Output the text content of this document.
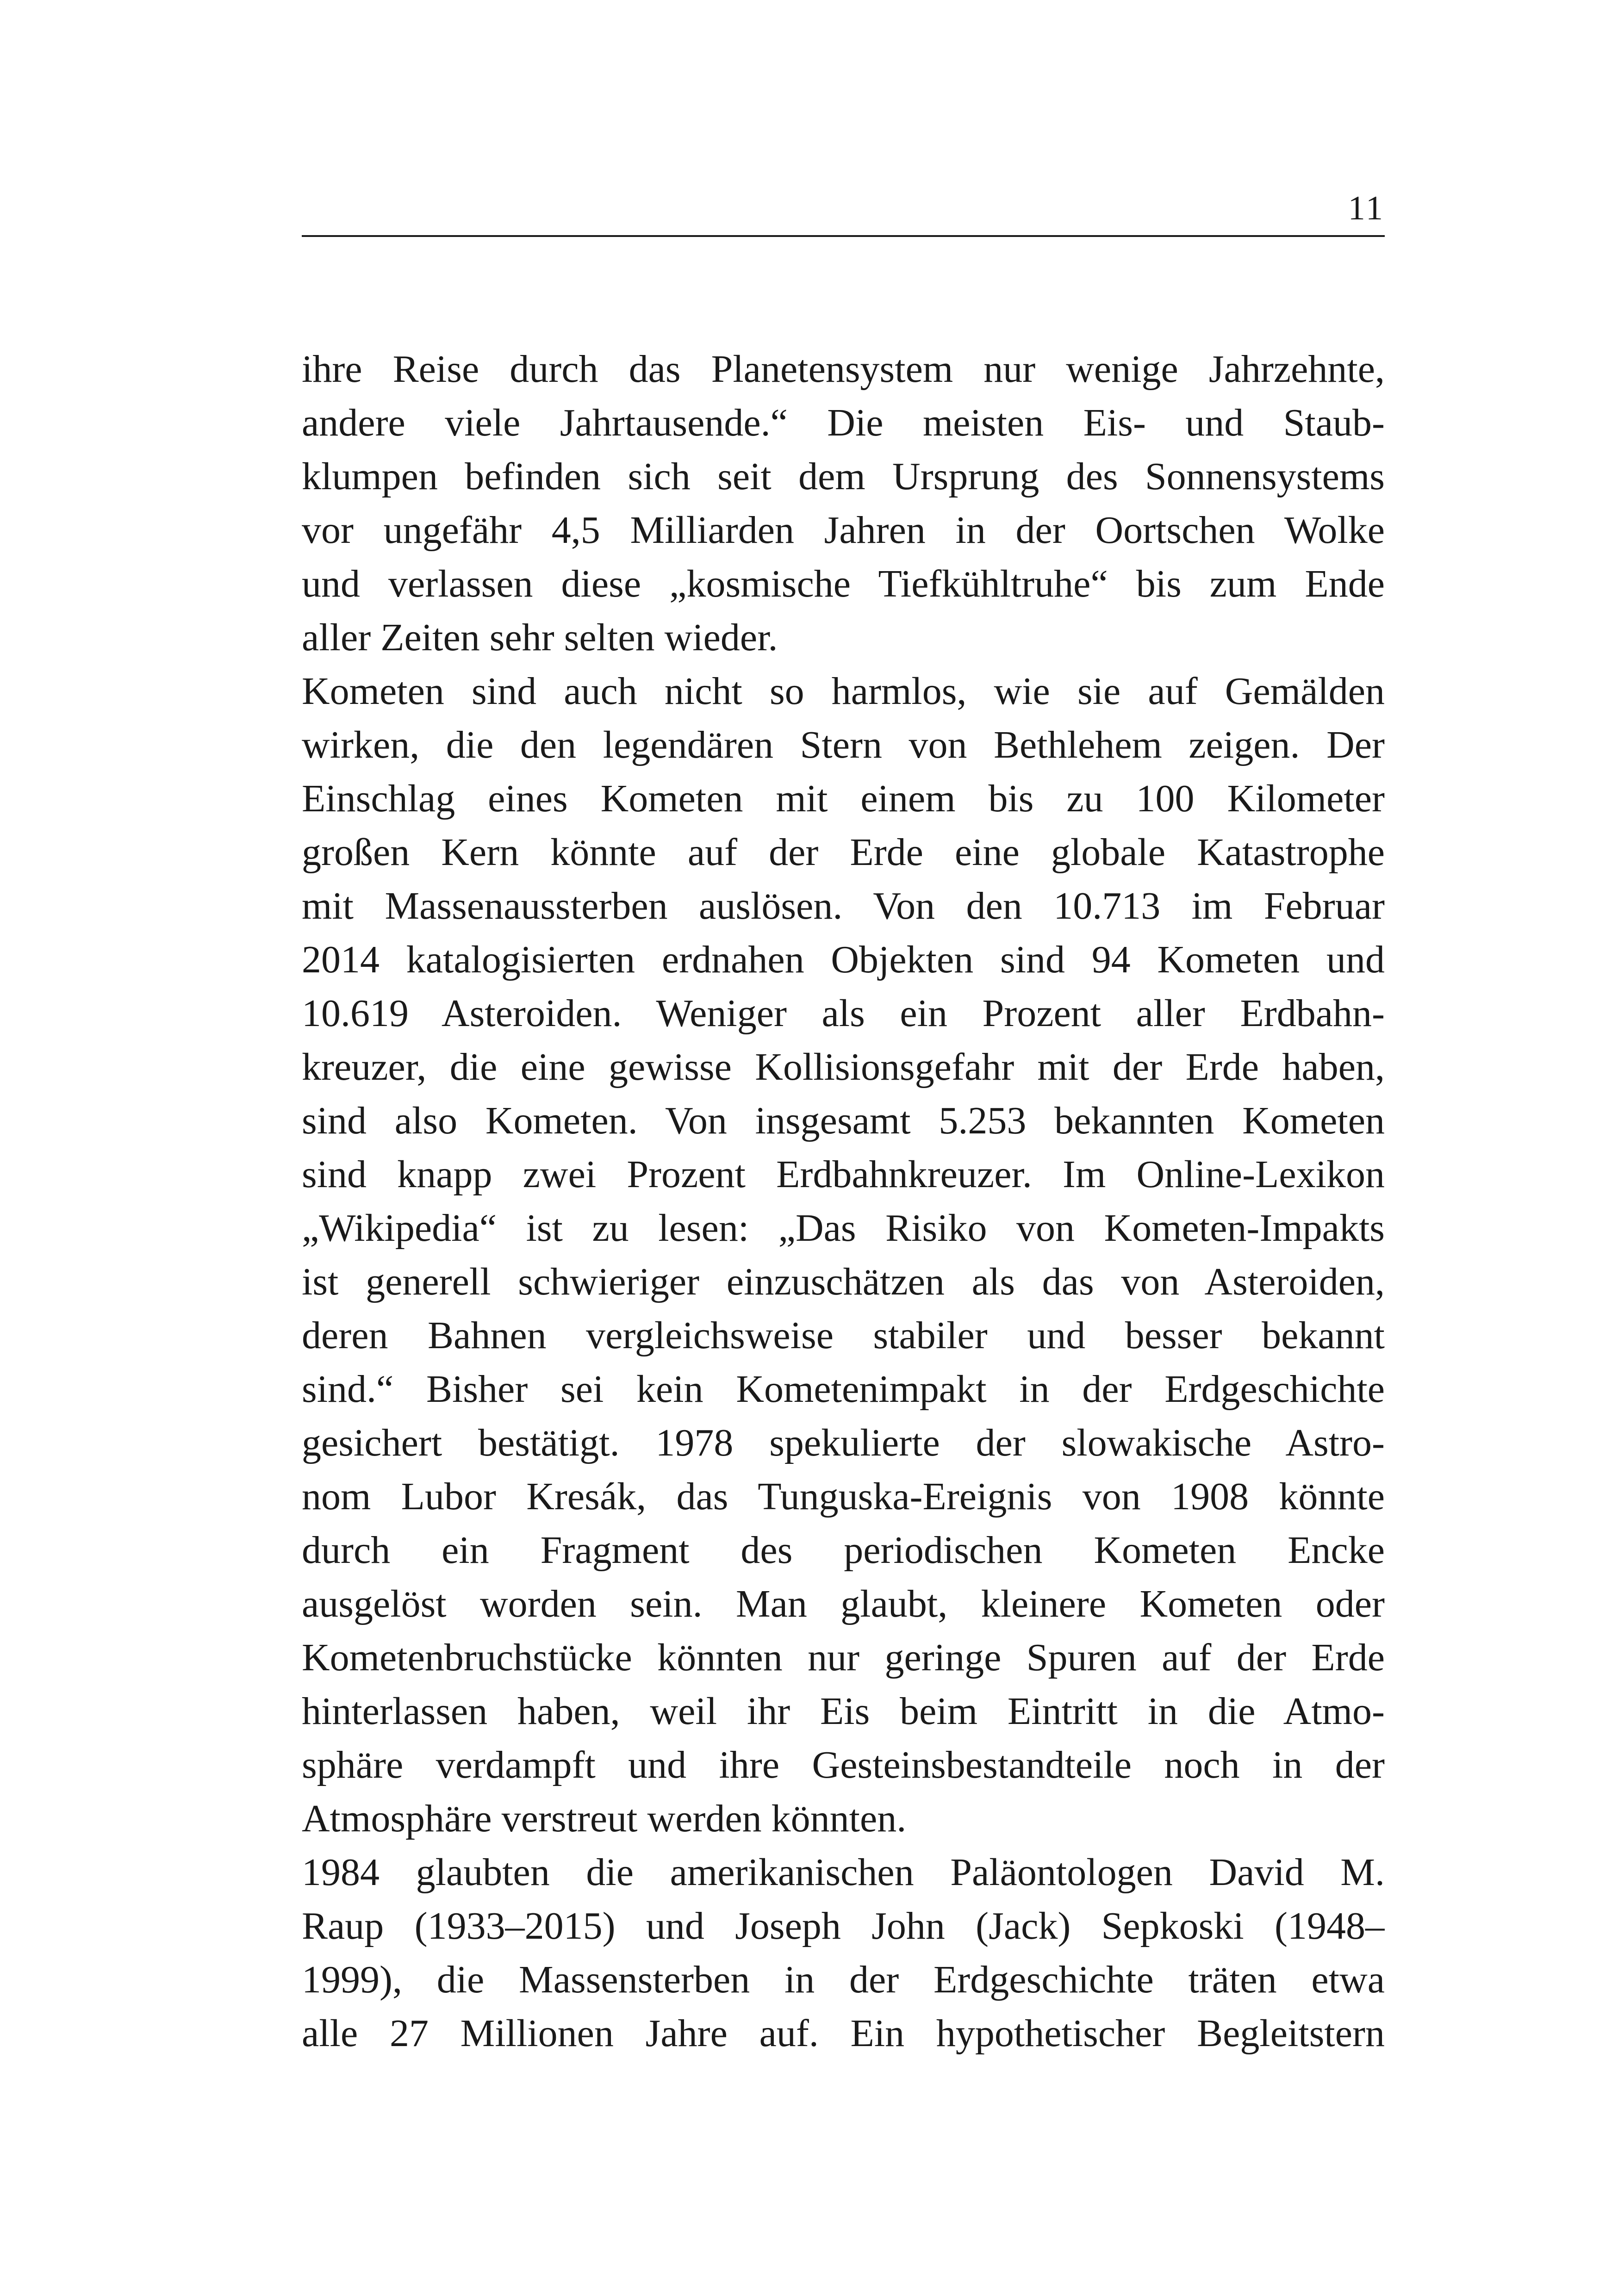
11
ihre Reise durch das Planetensystem nur wenige Jahrzehnte,
andere viele Jahrtausende.“ Die meisten Eis- und Staub-
klumpen befinden sich seit dem Ursprung des Sonnensystems
vor ungefähr 4,5 Milliarden Jahren in der Oortschen Wolke
und verlassen diese „kosmische Tiefkühltruhe“ bis zum Ende
aller Zeiten sehr selten wieder.
Kometen sind auch nicht so harmlos, wie sie auf Gemälden
wirken, die den legendären Stern von Bethlehem zeigen. Der
Einschlag eines Kometen mit einem bis zu 100 Kilometer
großen Kern könnte auf der Erde eine globale Katastrophe
mit Massenaussterben auslösen. Von den 10.713 im Februar
2014 katalogisierten erdnahen Objekten sind 94 Kometen und
10.619 Asteroiden. Weniger als ein Prozent aller Erdbahn-
kreuzer, die eine gewisse Kollisionsgefahr mit der Erde haben,
sind also Kometen. Von insgesamt 5.253 bekannten Kometen
sind knapp zwei Prozent Erdbahnkreuzer. Im Online-Lexikon
„Wikipedia“ ist zu lesen: „Das Risiko von Kometen-Impakts
ist generell schwieriger einzuschätzen als das von Asteroiden,
deren Bahnen vergleichsweise stabiler und besser bekannt
sind.“ Bisher sei kein Kometenimpakt in der Erdgeschichte
gesichert bestätigt. 1978 spekulierte der slowakische Astro-
nom Lubor Kresák, das Tunguska-Ereignis von 1908 könnte
durch ein Fragment des periodischen Kometen Encke
ausgelöst worden sein. Man glaubt, kleinere Kometen oder
Kometenbruchstücke könnten nur geringe Spuren auf der Erde
hinterlassen haben, weil ihr Eis beim Eintritt in die Atmo-
sphäre verdampft und ihre Gesteinsbestandteile noch in der
Atmosphäre verstreut werden könnten.
1984 glaubten die amerikanischen Paläontologen David M.
Raup (1933–2015) und Joseph John (Jack) Sepkoski (1948–
1999), die Massensterben in der Erdgeschichte träten etwa
alle 27 Millionen Jahre auf. Ein hypothetischer Begleitstern
